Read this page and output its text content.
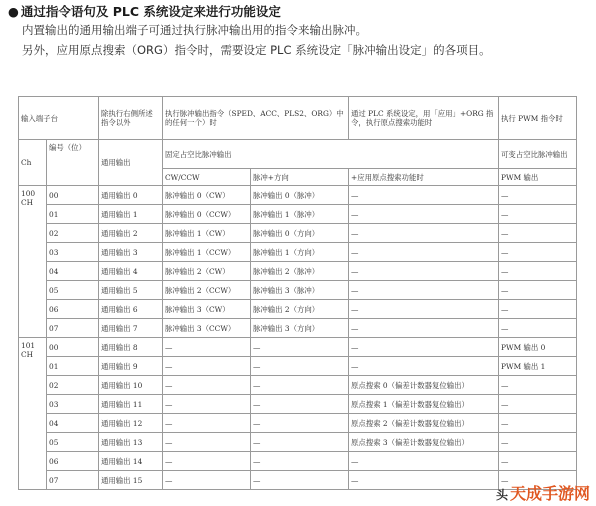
● 通过指令语句及 PLC 系统设定来进行功能设定
内置输出的通用输出端子可通过执行脉冲输出用的指令来输出脉冲。
另外，应用原点搜索（ORG）指令时，需要设定 PLC 系统设定「脉冲输出设定」的各项目。
输入端子台		除执行右侧所述指令以外	执行脉冲输出指令（SPED、ACC、PLS2、ORG）中的任何一个）时		通过 PLC 系统设定，用「应用」+ORG 指令，执行原点搜索功能时	执行 PWM 指令时
Ch	编号（位）	通用输出	固定占空比脉冲输出			可变占空比脉冲输出
			CW/CCW	脉冲+方向	+应用原点搜索功能时	PWM 输出
100 CH	00	通用输出 0	脉冲输出 0（CW）	脉冲输出 0（脉冲）	—	—
	01	通用输出 1	脉冲输出 0（CCW）	脉冲输出 1（脉冲）	—	—
	02	通用输出 2	脉冲输出 1（CW）	脉冲输出 0（方向）	—	—
	03	通用输出 3	脉冲输出 1（CCW）	脉冲输出 1（方向）	—	—
	04	通用输出 4	脉冲输出 2（CW）	脉冲输出 2（脉冲）	—	—
	05	通用输出 5	脉冲输出 2（CCW）	脉冲输出 3（脉冲）	—	—
	06	通用输出 6	脉冲输出 3（CW）	脉冲输出 2（方向）	—	—
	07	通用输出 7	脉冲输出 3（CCW）	脉冲输出 3（方向）	—	—
101 CH	00	通用输出 8	—	—	—	PWM 输出 0
	01	通用输出 9	—	—	—	PWM 输出 1
	02	通用输出 10	—	—	原点搜索 0（偏差计数器复位输出）	—
	03	通用输出 11	—	—	原点搜索 1（偏差计数器复位输出）	—
	04	通用输出 12	—	—	原点搜索 2（偏差计数器复位输出）	—
	05	通用输出 13	—	—	原点搜索 3（偏差计数器复位输出）	—
	06	通用输出 14	—	—	—	—
	07	通用输出 15	—	—	—	—
头 天成手游网
